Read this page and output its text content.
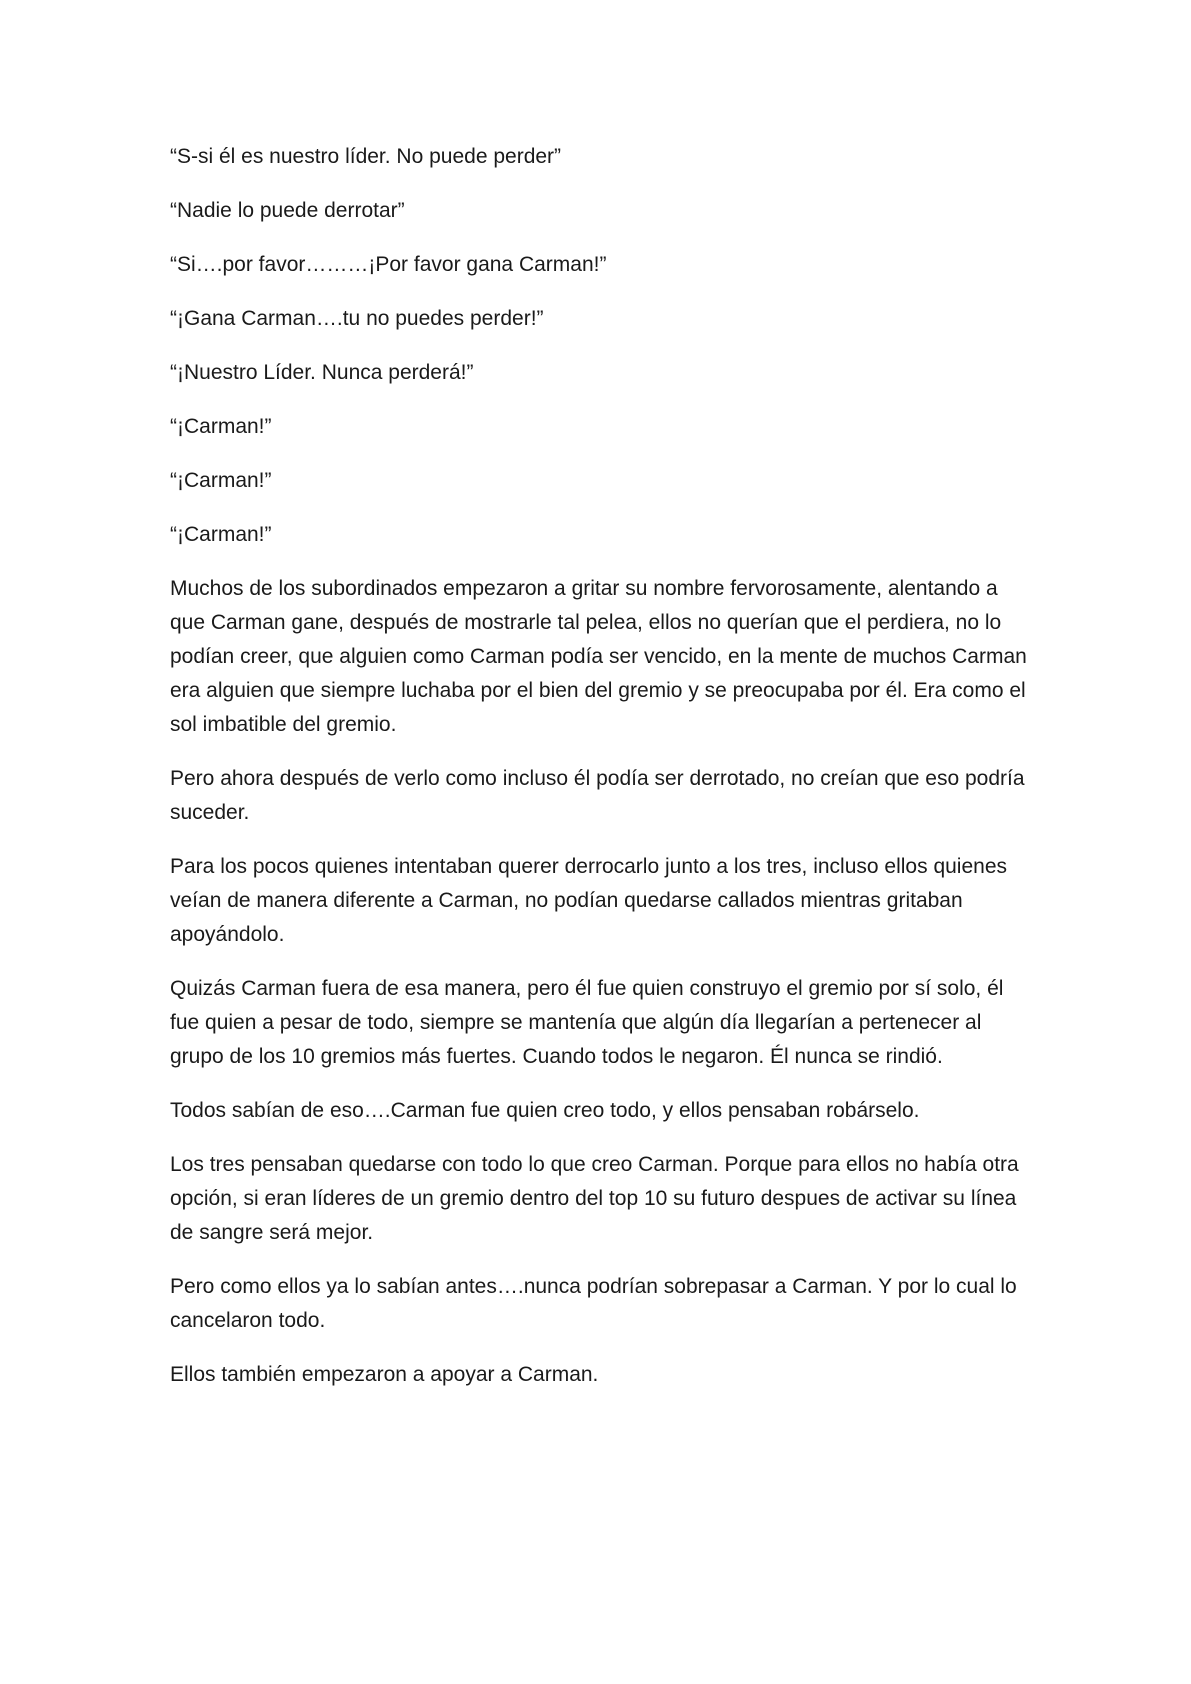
“S-si él es nuestro líder. No puede perder”

“Nadie lo puede derrotar”

“Si….por favor………¡Por favor gana Carman!”

“¡Gana Carman….tu no puedes perder!”

“¡Nuestro Líder. Nunca perderá!”

“¡Carman!”

“¡Carman!”

“¡Carman!”

Muchos de los subordinados empezaron a gritar su nombre fervorosamente, alentando a que Carman gane, después de mostrarle tal pelea, ellos no querían que el perdiera, no lo podían creer, que alguien como Carman podía ser vencido, en la mente de muchos Carman era alguien que siempre luchaba por el bien del gremio y se preocupaba por él. Era como el sol imbatible del gremio.

Pero ahora después de verlo como incluso él podía ser derrotado, no creían que eso podría suceder.

Para los pocos quienes intentaban querer derrocarlo junto a los tres, incluso ellos quienes veían de manera diferente a Carman, no podían quedarse callados mientras gritaban apoyándolo.

Quizás Carman fuera de esa manera, pero él fue quien construyo el gremio por sí solo, él fue quien a pesar de todo, siempre se mantenía que algún día llegarían a pertenecer al grupo de los 10 gremios más fuertes. Cuando todos le negaron. Él nunca se rindió.

Todos sabían de eso….Carman fue quien creo todo, y ellos pensaban robárselo.

Los tres pensaban quedarse con todo lo que creo Carman. Porque para ellos no había otra opción, si eran líderes de un gremio dentro del top 10 su futuro despues de activar su línea de sangre será mejor.

Pero como ellos ya lo sabían antes….nunca podrían sobrepasar a Carman. Y por lo cual lo cancelaron todo.

Ellos también empezaron a apoyar a Carman.
